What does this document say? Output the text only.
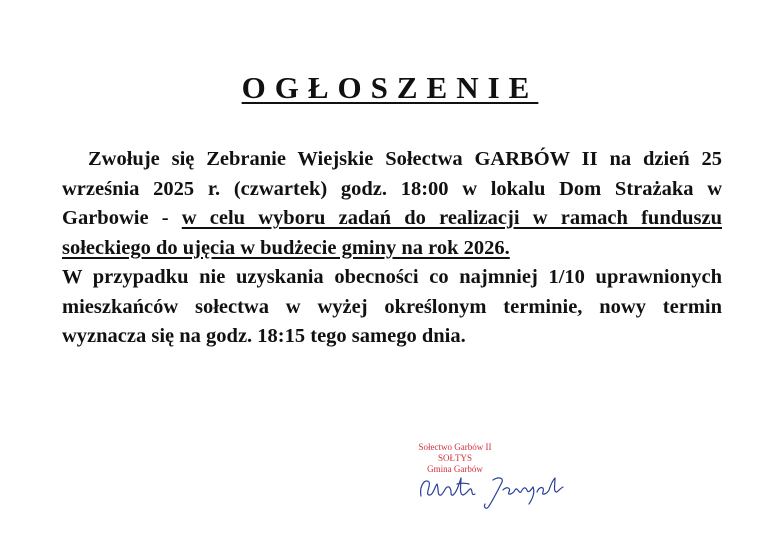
OGŁOSZENIE

Zwołuje się Zebranie Wiejskie Sołectwa GARBÓW II na dzień 25 września 2025 r. (czwartek) godz. 18:00 w lokalu Dom Strażaka w Garbowie - w celu wyboru zadań do realizacji w ramach funduszu sołeckiego do ujęcia w budżecie gminy na rok 2026.

W przypadku nie uzyskania obecności co najmniej 1/10 uprawnionych mieszkańców sołectwa w wyżej określonym terminie, nowy termin wyznacza się na godz. 18:15 tego samego dnia.

Sołectwo Garbów II
SOŁTYS
Gmina Garbów
